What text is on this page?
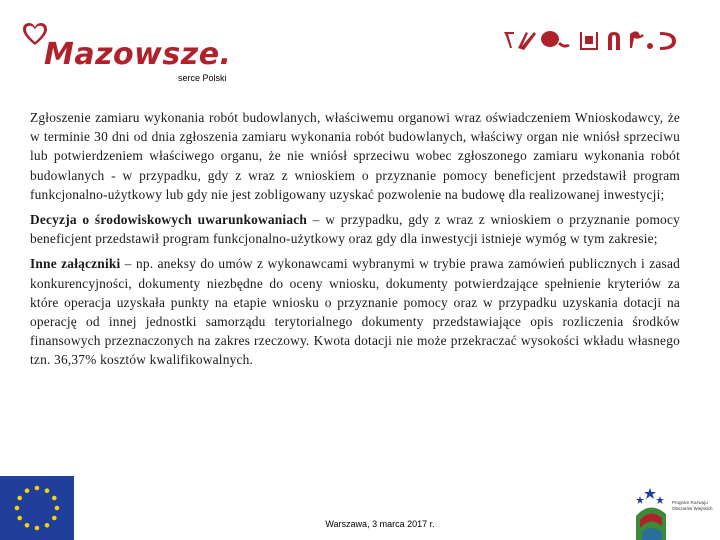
Mazowsze.
serce Polski

Zgłoszenie zamiaru wykonania robót budowlanych, właściwemu organowi wraz oświadczeniem Wnioskodawcy, że w terminie 30 dni od dnia zgłoszenia zamiaru wykonania robót budowlanych, właściwy organ nie wniósł sprzeciwu lub potwierdzeniem właściwego organu, że nie wniósł sprzeciwu wobec zgłoszonego zamiaru wykonania robót budowlanych - w przypadku, gdy z wraz z wnioskiem o przyznanie pomocy beneficjent przedstawił program funkcjonalno-użytkowy lub gdy nie jest zobligowany uzyskać pozwolenie na budowę dla realizowanej inwestycji;

Decyzja o środowiskowych uwarunkowaniach – w przypadku, gdy z wraz z wnioskiem o przyznanie pomocy beneficjent przedstawił program funkcjonalno-użytkowy oraz gdy dla inwestycji istnieje wymóg w tym zakresie;

Inne załączniki – np. aneksy do umów z wykonawcami wybranymi w trybie prawa zamówień publicznych i zasad konkurencyjności, dokumenty niezbędne do oceny wniosku, dokumenty potwierdzające spełnienie kryteriów za które operacja uzyskała punkty na etapie wniosku o przyznanie pomocy oraz w przypadku uzyskania dotacji na operację od innej jednostki samorządu terytorialnego dokumenty przedstawiające opis rozliczenia środków finansowych przeznaczonych na zakres rzeczowy. Kwota dotacji nie może przekraczać wysokości wkładu własnego tzn. 36,37% kosztów kwalifikowalnych.

Warszawa, 3 marca 2017 r.
Program Rozwoju Obszarów Wiejskich
